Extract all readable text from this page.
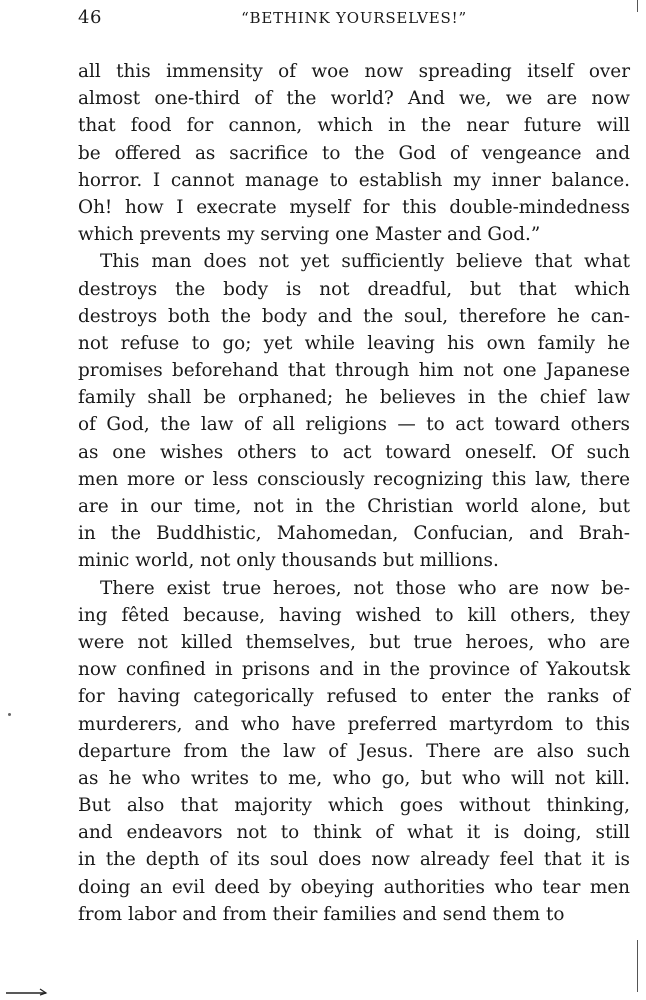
46	“BETHINK YOURSELVES!”
all this immensity of woe now spreading itself over
almost one-third of the world? And we, we are now
that food for cannon, which in the near future will
be offered as sacrifice to the God of vengeance and
horror. I cannot manage to establish my inner balance.
Oh! how I execrate myself for this double-mindedness
which prevents my serving one Master and God.”
This man does not yet sufficiently believe that what
destroys the body is not dreadful, but that which
destroys both the body and the soul, therefore he can-
not refuse to go; yet while leaving his own family he
promises beforehand that through him not one Japanese
family shall be orphaned; he believes in the chief law
of God, the law of all religions — to act toward others
as one wishes others to act toward oneself. Of such
men more or less consciously recognizing this law, there
are in our time, not in the Christian world alone, but
in the Buddhistic, Mahomedan, Confucian, and Brah-
minic world, not only thousands but millions.
There exist true heroes, not those who are now be-
ing fêted because, having wished to kill others, they
were not killed themselves, but true heroes, who are
now confined in prisons and in the province of Yakoutsk
for having categorically refused to enter the ranks of
murderers, and who have preferred martyrdom to this
departure from the law of Jesus. There are also such
as he who writes to me, who go, but who will not kill.
But also that majority which goes without thinking,
and endeavors not to think of what it is doing, still
in the depth of its soul does now already feel that it is
doing an evil deed by obeying authorities who tear men
from labor and from their families and send them to
